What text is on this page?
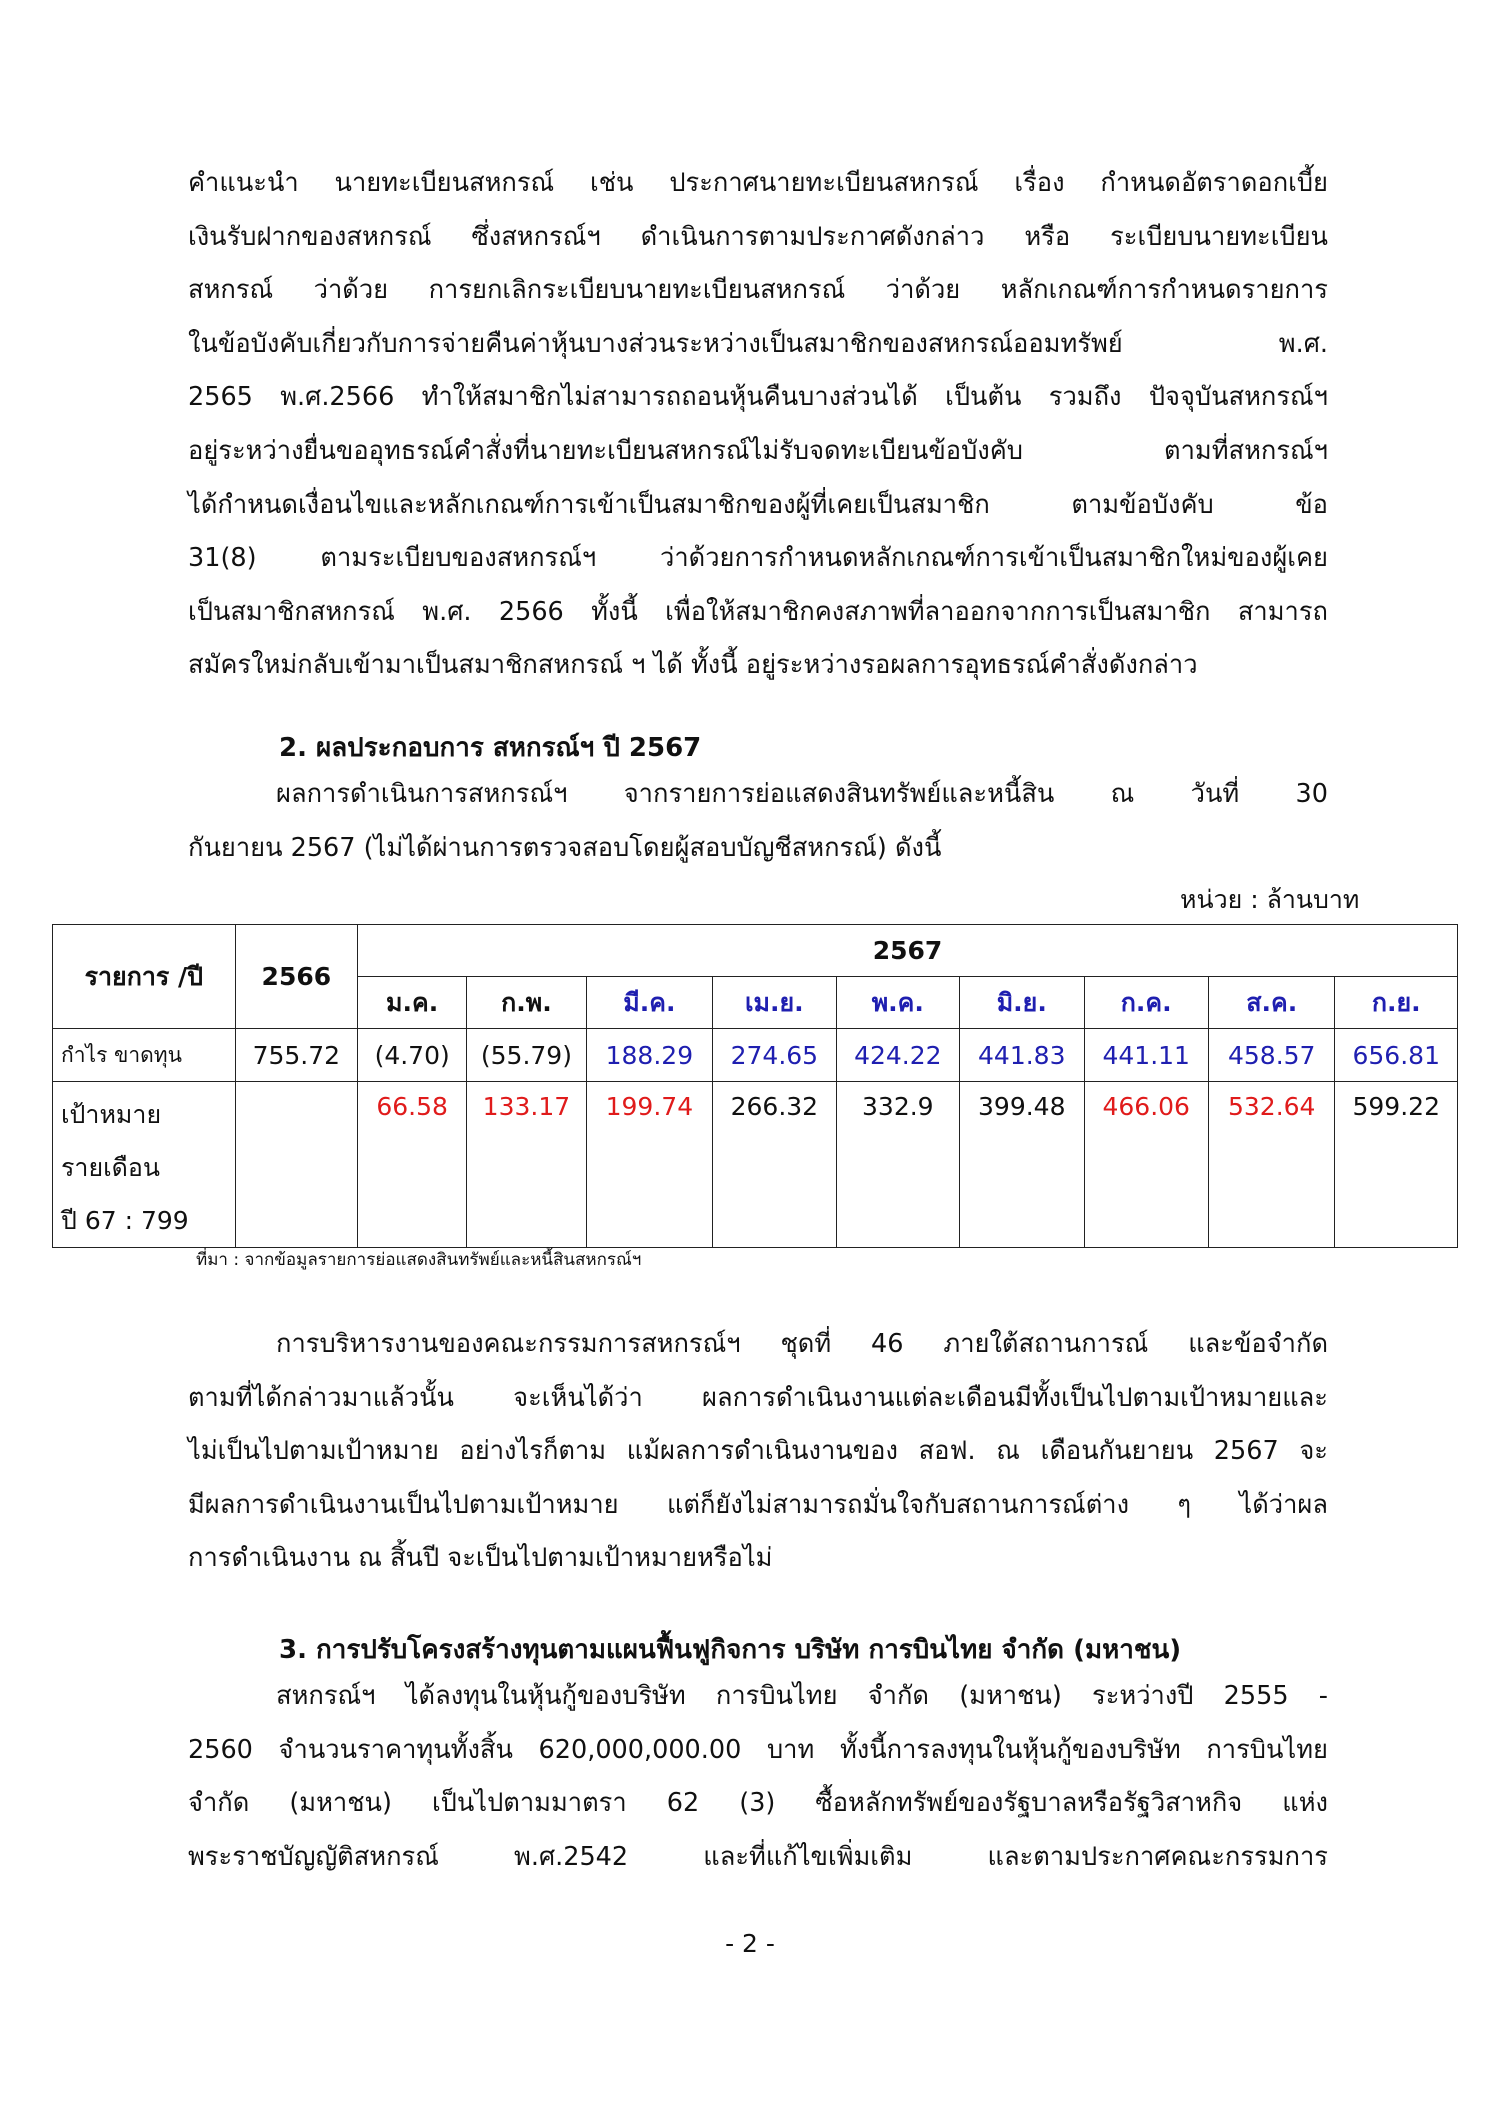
คำแนะนำ นายทะเบียนสหกรณ์ เช่น ประกาศนายทะเบียนสหกรณ์ เรื่อง กำหนดอัตราดอกเบี้ย

เงินรับฝากของสหกรณ์ ซึ่งสหกรณ์ฯ ดำเนินการตามประกาศดังกล่าว หรือ ระเบียบนายทะเบียน

สหกรณ์ ว่าด้วย การยกเลิกระเบียบนายทะเบียนสหกรณ์ ว่าด้วย หลักเกณฑ์การกำหนดรายการ

ในข้อบังคับเกี่ยวกับการจ่ายคืนค่าหุ้นบางส่วนระหว่างเป็นสมาชิกของสหกรณ์ออมทรัพย์ พ.ศ.

2565 พ.ศ.2566 ทำให้สมาชิกไม่สามารถถอนหุ้นคืนบางส่วนได้ เป็นต้น รวมถึง ปัจจุบันสหกรณ์ฯ

อยู่ระหว่างยื่นขออุทธรณ์คำสั่งที่นายทะเบียนสหกรณ์ไม่รับจดทะเบียนข้อบังคับ ตามที่สหกรณ์ฯ

ได้กำหนดเงื่อนไขและหลักเกณฑ์การเข้าเป็นสมาชิกของผู้ที่เคยเป็นสมาชิก ตามข้อบังคับ ข้อ

31(8) ตามระเบียบของสหกรณ์ฯ ว่าด้วยการกำหนดหลักเกณฑ์การเข้าเป็นสมาชิกใหม่ของผู้เคย

เป็นสมาชิกสหกรณ์ พ.ศ. 2566 ทั้งนี้ เพื่อให้สมาชิกคงสภาพที่ลาออกจากการเป็นสมาชิก สามารถ

สมัครใหม่กลับเข้ามาเป็นสมาชิกสหกรณ์ ฯ ได้ ทั้งนี้ อยู่ระหว่างรอผลการอุทธรณ์คำสั่งดังกล่าว

2. ผลประกอบการ สหกรณ์ฯ ปี 2567

ผลการดำเนินการสหกรณ์ฯ จากรายการย่อแสดงสินทรัพย์และหนี้สิน ณ วันที่ 30

กันยายน 2567 (ไม่ได้ผ่านการตรวจสอบโดยผู้สอบบัญชีสหกรณ์) ดังนี้

หน่วย : ล้านบาท
รายการ /ปี	2566	2567								
		ม.ค.	ก.พ.	มี.ค.	เม.ย.	พ.ค.	มิ.ย.	ก.ค.	ส.ค.	ก.ย.
กำไร ขาดทุน	755.72	(4.70)	(55.79)	188.29	274.65	424.22	441.83	441.11	458.57	656.81

เป้าหมาย
รายเดือน
ปี 67 : 799		66.58	133.17	199.74	266.32	332.9	399.48	466.06	532.64	599.22
ที่มา : จากข้อมูลรายการย่อแสดงสินทรัพย์และหนี้สินสหกรณ์ฯ

การบริหารงานของคณะกรรมการสหกรณ์ฯ ชุดที่ 46 ภายใต้สถานการณ์ และข้อจำกัด

ตามที่ได้กล่าวมาแล้วนั้น จะเห็นได้ว่า ผลการดำเนินงานแต่ละเดือนมีทั้งเป็นไปตามเป้าหมายและ

ไม่เป็นไปตามเป้าหมาย อย่างไรก็ตาม แม้ผลการดำเนินงานของ สอฟ. ณ เดือนกันยายน 2567 จะ

มีผลการดำเนินงานเป็นไปตามเป้าหมาย แต่ก็ยังไม่สามารถมั่นใจกับสถานการณ์ต่าง ๆ ได้ว่าผล

การดำเนินงาน ณ สิ้นปี จะเป็นไปตามเป้าหมายหรือไม่

3. การปรับโครงสร้างทุนตามแผนฟื้นฟูกิจการ บริษัท การบินไทย จำกัด (มหาชน)

สหกรณ์ฯ ได้ลงทุนในหุ้นกู้ของบริษัท การบินไทย จำกัด (มหาชน) ระหว่างปี 2555 -

2560 จำนวนราคาทุนทั้งสิ้น 620,000,000.00 บาท ทั้งนี้การลงทุนในหุ้นกู้ของบริษัท การบินไทย

จำกัด (มหาชน) เป็นไปตามมาตรา 62 (3) ซื้อหลักทรัพย์ของรัฐบาลหรือรัฐวิสาหกิจ แห่ง

พระราชบัญญัติสหกรณ์ พ.ศ.2542 และที่แก้ไขเพิ่มเติม และตามประกาศคณะกรรมการ

- 2 -
